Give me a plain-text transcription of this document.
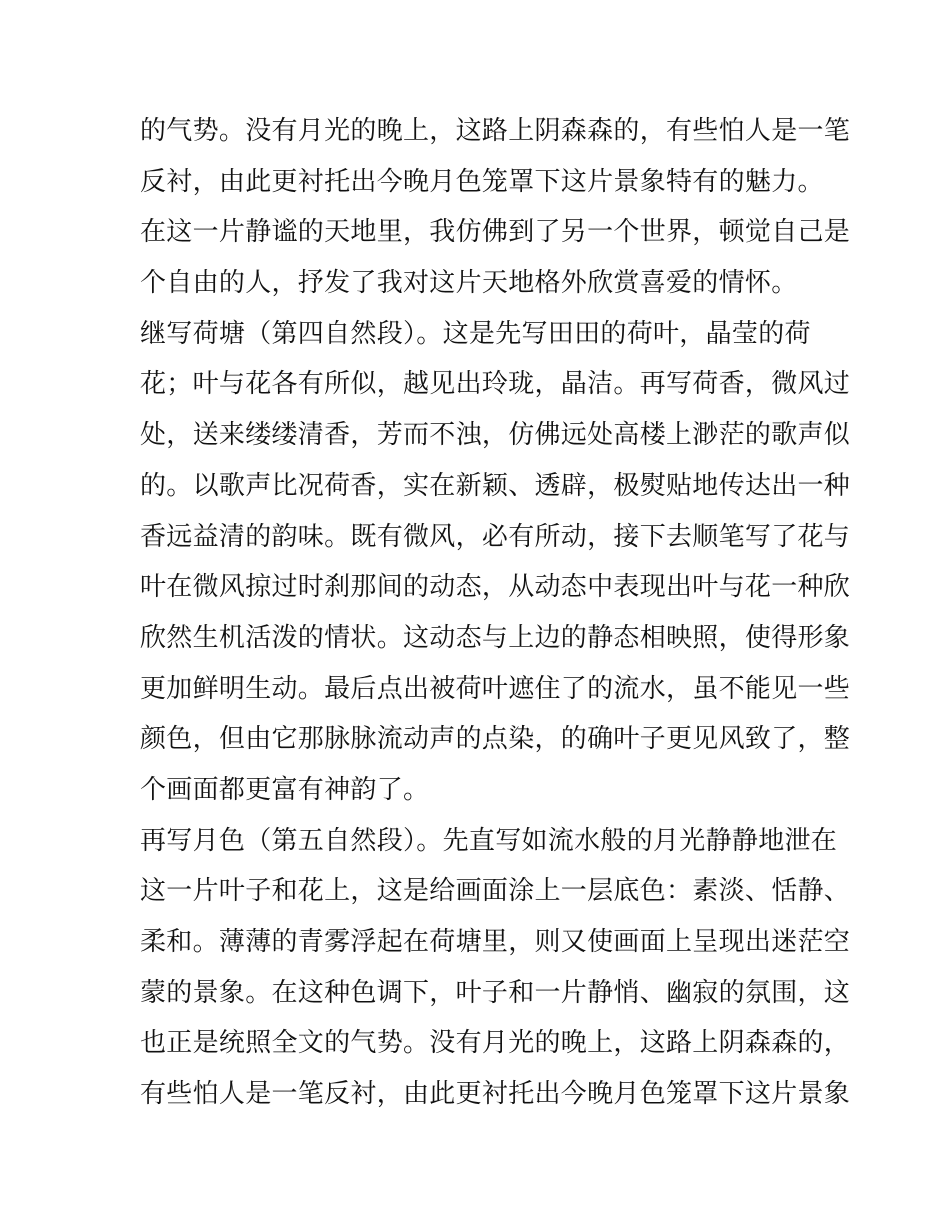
的气势。没有月光的晚上，这路上阴森森的，有些怕人是一笔
反衬，由此更衬托出今晚月色笼罩下这片景象特有的魅力。
在这一片静谧的天地里，我仿佛到了另一个世界，顿觉自己是
个自由的人，抒发了我对这片天地格外欣赏喜爱的情怀。
继写荷塘（第四自然段）。这是先写田田的荷叶，晶莹的荷
花；叶与花各有所似，越见出玲珑，晶洁。再写荷香，微风过
处，送来缕缕清香，芳而不浊，仿佛远处高楼上渺茫的歌声似
的。以歌声比况荷香，实在新颖、透辟，极熨贴地传达出一种
香远益清的韵味。既有微风，必有所动，接下去顺笔写了花与
叶在微风掠过时刹那间的动态，从动态中表现出叶与花一种欣
欣然生机活泼的情状。这动态与上边的静态相映照，使得形象
更加鲜明生动。最后点出被荷叶遮住了的流水，虽不能见一些
颜色，但由它那脉脉流动声的点染，的确叶子更见风致了，整
个画面都更富有神韵了。
再写月色（第五自然段）。先直写如流水般的月光静静地泄在
这一片叶子和花上，这是给画面涂上一层底色：素淡、恬静、
柔和。薄薄的青雾浮起在荷塘里，则又使画面上呈现出迷茫空
蒙的景象。在这种色调下，叶子和一片静悄、幽寂的氛围，这
也正是统照全文的气势。没有月光的晚上，这路上阴森森的，
有些怕人是一笔反衬，由此更衬托出今晚月色笼罩下这片景象
